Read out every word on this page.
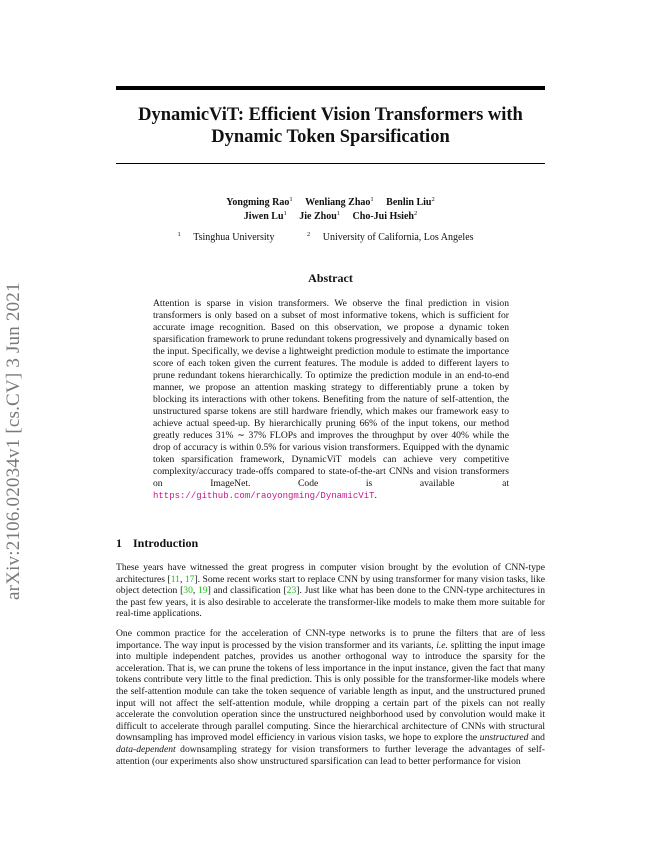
arXiv:2106.02034v1 [cs.CV] 3 Jun 2021
DynamicViT: Efficient Vision Transformers with
Dynamic Token Sparsification
Yongming Rao$^1$ Wenliang Zhao$^1$ Benlin Liu$^2$
Jiwen Lu$^1$ Jie Zhou$^1$ Cho-Jui Hsieh$^2$
$^1$ Tsinghua University	$^2$ University of California, Los Angeles
Abstract

Attention is sparse in vision transformers. We observe the final prediction in vision transformers is only based on a subset of most informative tokens, which is sufficient for accurate image recognition. Based on this observation, we propose a dynamic token sparsification framework to prune redundant tokens progressively and dynamically based on the input. Specifically, we devise a lightweight prediction module to estimate the importance score of each token given the current features. The module is added to different layers to prune redundant tokens hierarchically. To optimize the prediction module in an end-to-end manner, we propose an attention masking strategy to differentiably prune a token by blocking its interactions with other tokens. Benefiting from the nature of self-attention, the unstructured sparse tokens are still hardware friendly, which makes our framework easy to achieve actual speed-up. By hierarchically pruning 66% of the input tokens, our method greatly reduces 31% ∼ 37% FLOPs and improves the throughput by over 40% while the drop of accuracy is within 0.5% for various vision transformers. Equipped with the dynamic token sparsification framework, DynamicViT models can achieve very competitive complexity/accuracy trade-offs compared to state-of-the-art CNNs and vision transformers on ImageNet. Code is available at https://github.com/raoyongming/DynamicViT.

1 Introduction

These years have witnessed the great progress in computer vision brought by the evolution of CNN-type architectures [11, 17]. Some recent works start to replace CNN by using transformer for many vision tasks, like object detection [30, 19] and classification [23]. Just like what has been done to the CNN-type architectures in the past few years, it is also desirable to accelerate the transformer-like models to make them more suitable for real-time applications.

One common practice for the acceleration of CNN-type networks is to prune the filters that are of less importance. The way input is processed by the vision transformer and its variants, i.e. splitting the input image into multiple independent patches, provides us another orthogonal way to introduce the sparsity for the acceleration. That is, we can prune the tokens of less importance in the input instance, given the fact that many tokens contribute very little to the final prediction. This is only possible for the transformer-like models where the self-attention module can take the token sequence of variable length as input, and the unstructured pruned input will not affect the self-attention module, while dropping a certain part of the pixels can not really accelerate the convolution operation since the unstructured neighborhood used by convolution would make it difficult to accelerate through parallel computing. Since the hierarchical architecture of CNNs with structural downsampling has improved model efficiency in various vision tasks, we hope to explore the unstructured and data-dependent downsampling strategy for vision transformers to further leverage the advantages of self-attention (our experiments also show unstructured sparsification can lead to better performance for vision
